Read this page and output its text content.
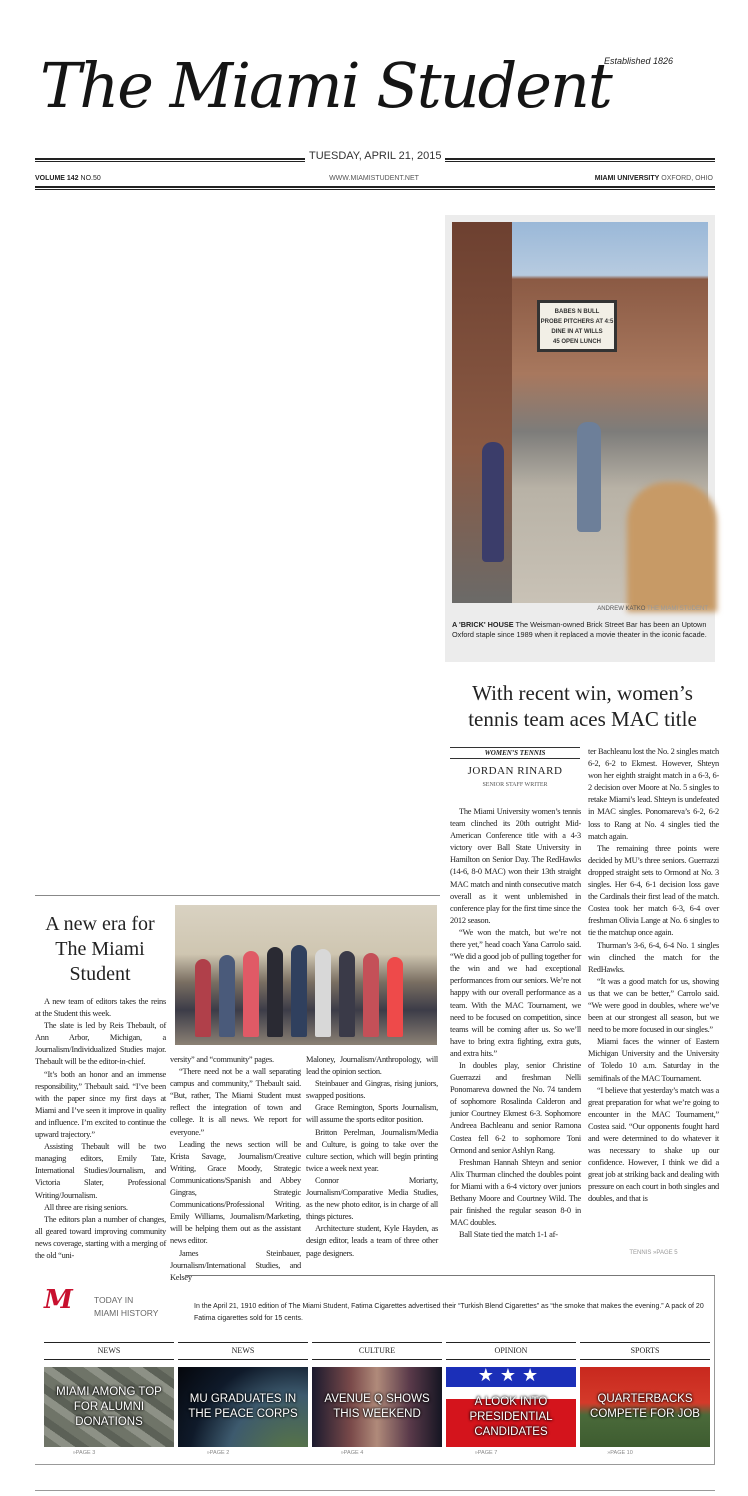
The Miami Student
Established 1826
TUESDAY, APRIL 21, 2015
VOLUME 142 NO.50	WWW.MIAMISTUDENT.NET	MIAMI UNIVERSITY OXFORD, OHIO
BABES N BULL
PROBE PITCHERS AT 4:5
DINE IN AT WILLS
45 OPEN LUNCH
ANDREW KATKO THE MIAMI STUDENT
A 'BRICK' HOUSE The Weisman-owned Brick Street Bar has been an Uptown Oxford staple since 1989 when it replaced a movie theater in the iconic facade.
With recent win, women’s tennis team aces MAC title
WOMEN’S TENNIS
JORDAN RINARD
SENIOR STAFF WRITER

The Miami University women’s tennis team clinched its 20th outright Mid-American Conference title with a 4-3 victory over Ball State University in Hamilton on Senior Day. The RedHawks (14-6, 8-0 MAC) won their 13th straight MAC match and ninth consecutive match overall as it went unblemished in conference play for the first time since the 2012 season.

“We won the match, but we’re not there yet,” head coach Yana Carrolo said. “We did a good job of pulling together for the win and we had exceptional performances from our seniors. We’re not happy with our overall performance as a team. With the MAC Tournament, we need to be focused on competition, since teams will be coming after us. So we’ll have to bring extra fighting, extra guts, and extra hits.”

In doubles play, senior Christine Guerrazzi and freshman Nelli Ponomareva downed the No. 74 tandem of sophomore Rosalinda Calderon and junior Courtney Ekmest 6-3. Sophomore Andreea Bachleanu and senior Ramona Costea fell 6-2 to sophomore Toni Ormond and senior Ashlyn Rang.

Freshman Hannah Shteyn and senior Alix Thurman clinched the doubles point for Miami with a 6-4 victory over juniors Bethany Moore and Courtney Wild. The pair finished the regular season 8-0 in MAC doubles.

Ball State tied the match 1-1 af-

ter Bachleanu lost the No. 2 singles match 6-2, 6-2 to Ekmest. However, Shteyn won her eighth straight match in a 6-3, 6-2 decision over Moore at No. 5 singles to retake Miami’s lead. Shteyn is undefeated in MAC singles. Ponomareva’s 6-2, 6-2 loss to Rang at No. 4 singles tied the match again.

The remaining three points were decided by MU’s three seniors. Guerrazzi dropped straight sets to Ormond at No. 3 singles. Her 6-4, 6-1 decision loss gave the Cardinals their first lead of the match. Costea took her match 6-3, 6-4 over freshman Olivia Lange at No. 6 singles to tie the matchup once again.

Thurman’s 3-6, 6-4, 6-4 No. 1 singles win clinched the match for the RedHawks.

“It was a good match for us, showing us that we can be better,” Carrolo said. “We were good in doubles, where we’ve been at our strongest all season, but we need to be more focused in our singles.”

Miami faces the winner of Eastern Michigan University and the University of Toledo 10 a.m. Saturday in the semifinals of the MAC Tournament.

“I believe that yesterday’s match was a great preparation for what we’re going to encounter in the MAC Tournament,” Costea said. “Our opponents fought hard and were determined to do whatever it was necessary to shake up our confidence. However, I think we did a great job at striking back and dealing with pressure on each court in both singles and doubles, and that is

TENNIS »PAGE 5
A new era for The Miami Student

A new team of editors takes the reins at the Student this week.

The slate is led by Reis Thebault, of Ann Arbor, Michigan, a Journalism/Individualized Studies major. Thebault will be the editor-in-chief.

“It’s both an honor and an immense responsibility,” Thebault said. “I’ve been with the paper since my first days at Miami and I’ve seen it improve in quality and influence. I’m excited to continue the upward trajectory.”

Assisting Thebault will be two managing editors, Emily Tate, International Studies/Journalism, and Victoria Slater, Professional Writing/Journalism.

All three are rising seniors.

The editors plan a number of changes, all geared toward improving community news coverage, starting with a merging of the old “uni-

versity” and “community” pages.

“There need not be a wall separating campus and community,” Thebault said. “But, rather, The Miami Student must reflect the integration of town and college. It is all news. We report for everyone.”

Leading the news section will be Krista Savage, Journalism/Creative Writing, Grace Moody, Strategic Communications/Spanish and Abbey Gingras, Strategic Communications/Professional Writing. Emily Williams, Journalism/Marketing, will be helping them out as the assistant news editor.

James Steinbauer, Journalism/International Studies, and Kelsey

Maloney, Journalism/Anthropology, will lead the opinion section.

Steinbauer and Gingras, rising juniors, swapped positions.

Grace Remington, Sports Journalism, will assume the sports editor position.

Britton Perelman, Journalism/Media and Culture, is going to take over the culture section, which will begin printing twice a week next year.

Connor Moriarty, Journalism/Comparative Media Studies, as the new photo editor, is in charge of all things pictures.

Architecture student, Kyle Hayden, as design editor, leads a team of three other page designers.

M TODAY IN
MIAMI HISTORY
In the April 21, 1910 edition of The Miami Student, Fatima Cigarettes advertised their “Turkish Blend Cigarettes” as “the smoke that makes the evening.” A pack of 20 Fatima cigarettes sold for 15 cents.
NEWS
MIAMI AMONG TOP FOR ALUMNI DONATIONS
»PAGE 3
NEWS
MU GRADUATES IN THE PEACE CORPS
»PAGE 2
CULTURE
AVENUE Q SHOWS THIS WEEKEND
»PAGE 4
OPINION
★★★
A LOOK INTO PRESIDENTIAL CANDIDATES
»PAGE 7
SPORTS
QUARTERBACKS COMPETE FOR JOB
»PAGE 10
